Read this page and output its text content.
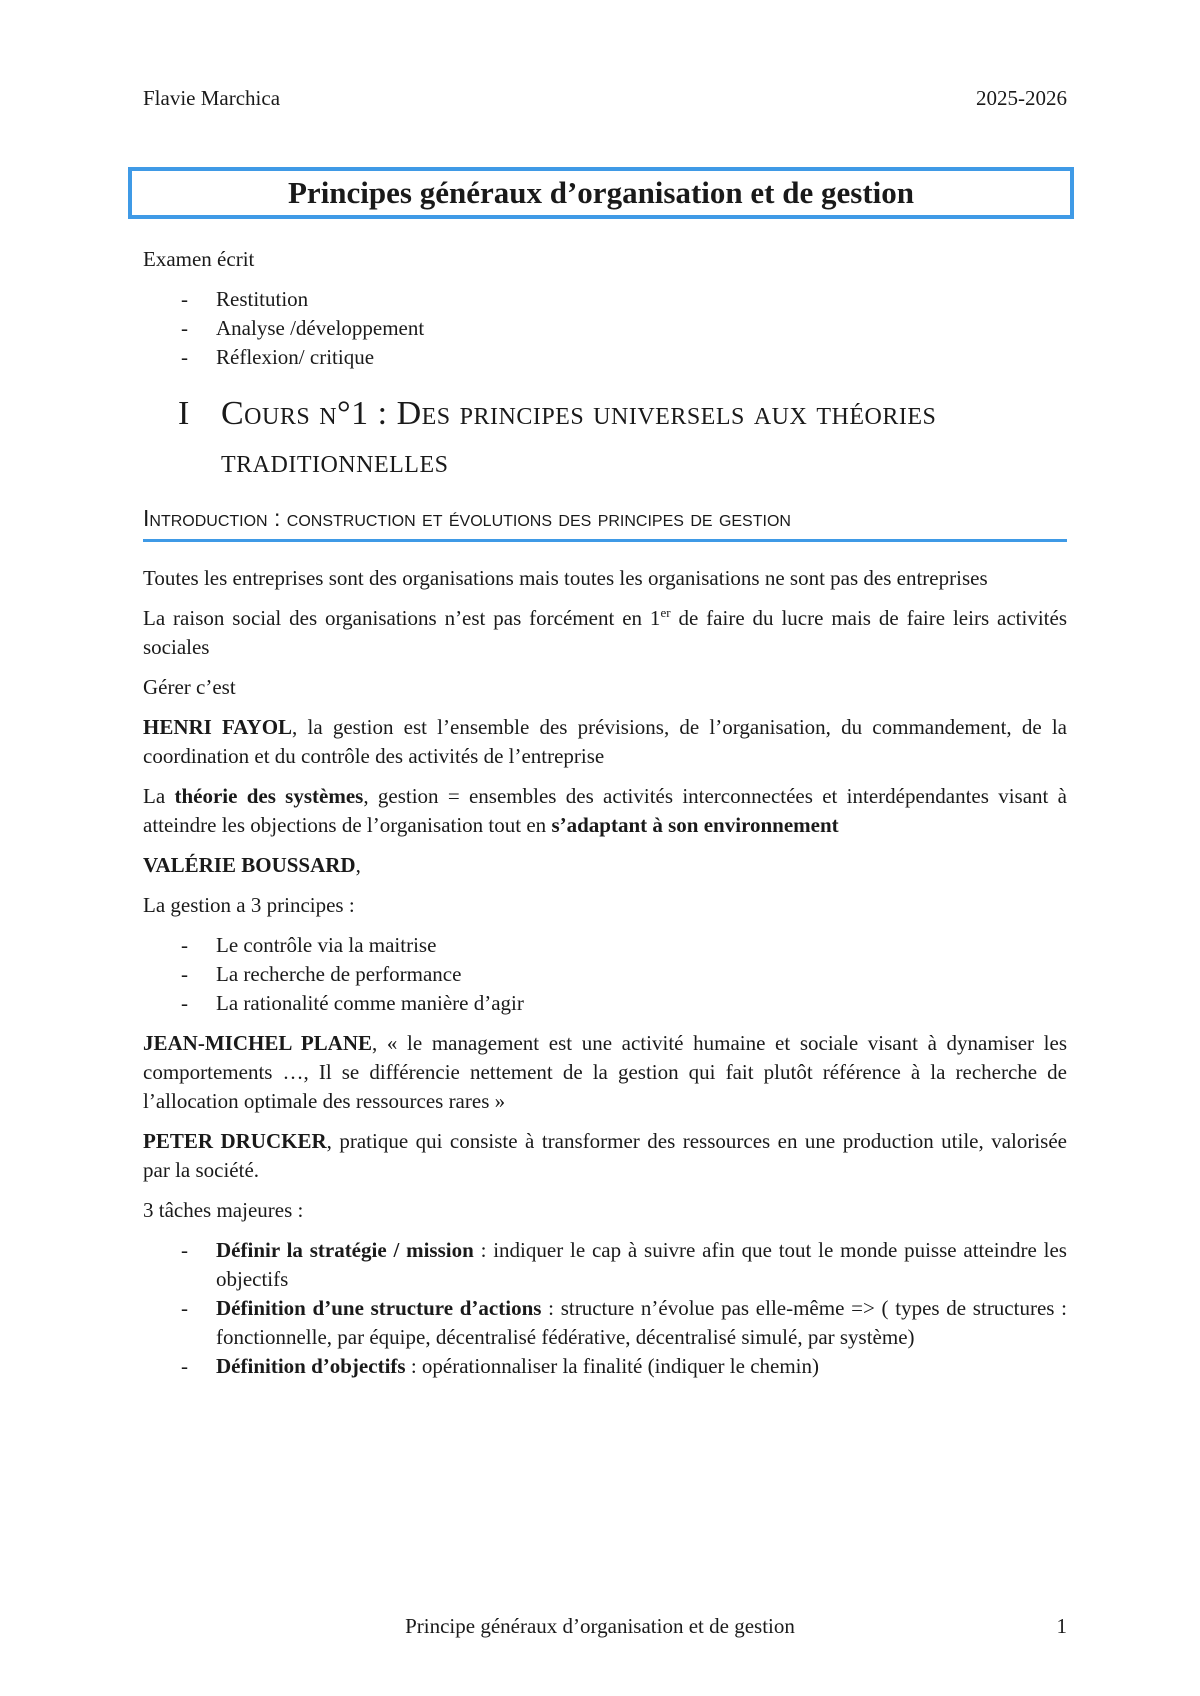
Flavie Marchica	2025-2026
Principes généraux d’organisation et de gestion

Examen écrit

- Restitution
- Analyse /développement
- Réflexion/ critique
I Cours n°1 : Des principes universels aux théories traditionnelles
Introduction : construction et évolutions des principes de gestion

Toutes les entreprises sont des organisations mais toutes les organisations ne sont pas des entreprises

La raison social des organisations n’est pas forcément en 1er de faire du lucre mais de faire leirs activités sociales

Gérer c’est

HENRI FAYOL, la gestion est l’ensemble des prévisions, de l’organisation, du commandement, de la coordination et du contrôle des activités de l’entreprise

La théorie des systèmes, gestion = ensembles des activités interconnectées et interdépendantes visant à atteindre les objections de l’organisation tout en s’adaptant à son environnement

VALÉRIE BOUSSARD,

La gestion a 3 principes :

- Le contrôle via la maitrise
- La recherche de performance
- La rationalité comme manière d’agir

JEAN-MICHEL PLANE, « le management est une activité humaine et sociale visant à dynamiser les comportements …, Il se différencie nettement de la gestion qui fait plutôt référence à la recherche de l’allocation optimale des ressources rares »

PETER DRUCKER, pratique qui consiste à transformer des ressources en une production utile, valorisée par la société.

3 tâches majeures :

- Définir la stratégie / mission : indiquer le cap à suivre afin que tout le monde puisse atteindre les objectifs
- Définition d’une structure d’actions : structure n’évolue pas elle-même => ( types de structures : fonctionnelle, par équipe, décentralisé fédérative, décentralisé simulé, par système)
- Définition d’objectifs : opérationnaliser la finalité (indiquer le chemin)
Principe généraux d’organisation et de gestion	1
